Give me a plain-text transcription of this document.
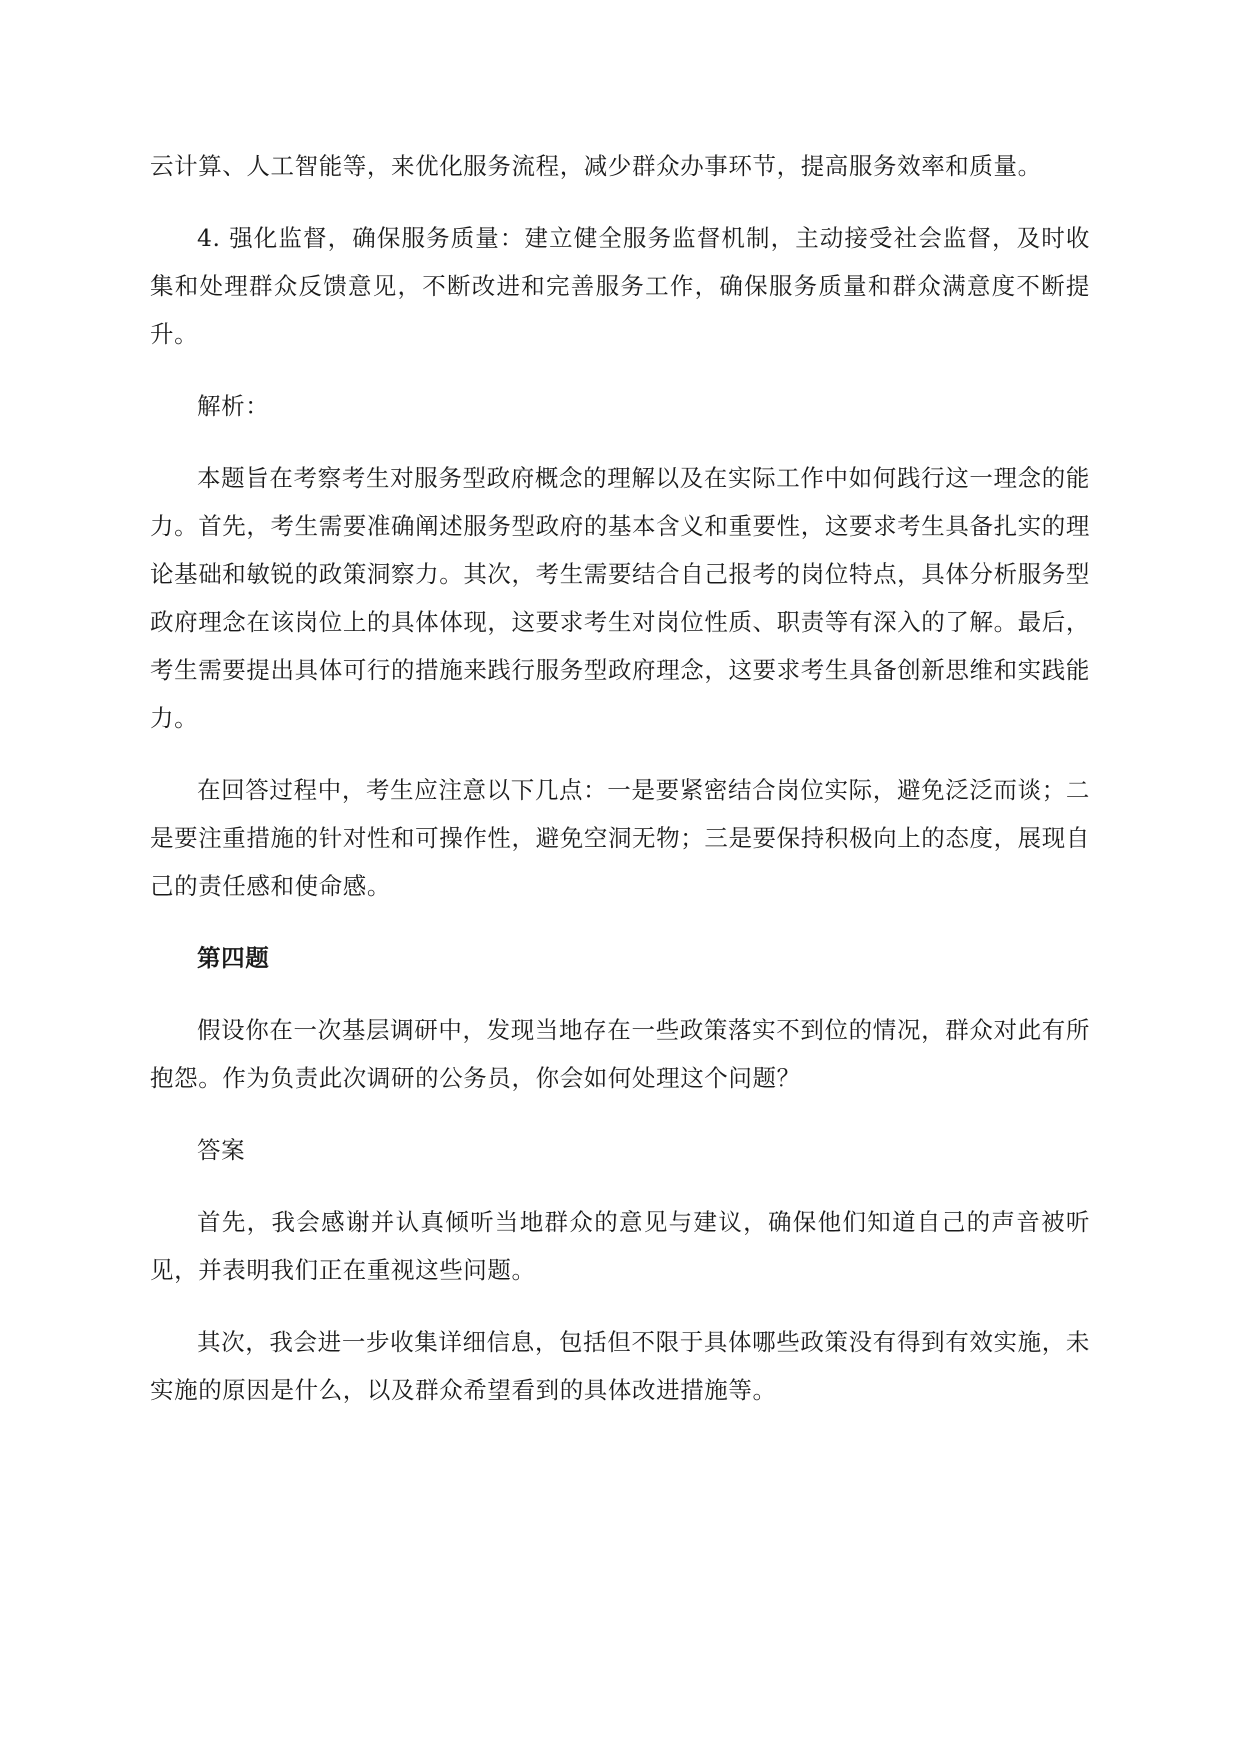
云计算、人工智能等，来优化服务流程，减少群众办事环节，提高服务效率和质量。

4. 强化监督，确保服务质量：建立健全服务监督机制，主动接受社会监督，及时收集和处理群众反馈意见，不断改进和完善服务工作，确保服务质量和群众满意度不断提升。

解析：

本题旨在考察考生对服务型政府概念的理解以及在实际工作中如何践行这一理念的能力。首先，考生需要准确阐述服务型政府的基本含义和重要性，这要求考生具备扎实的理论基础和敏锐的政策洞察力。其次，考生需要结合自己报考的岗位特点，具体分析服务型政府理念在该岗位上的具体体现，这要求考生对岗位性质、职责等有深入的了解。最后，考生需要提出具体可行的措施来践行服务型政府理念，这要求考生具备创新思维和实践能力。

在回答过程中，考生应注意以下几点：一是要紧密结合岗位实际，避免泛泛而谈；二是要注重措施的针对性和可操作性，避免空洞无物；三是要保持积极向上的态度，展现自己的责任感和使命感。

第四题

假设你在一次基层调研中，发现当地存在一些政策落实不到位的情况，群众对此有所抱怨。作为负责此次调研的公务员，你会如何处理这个问题？

答案

首先，我会感谢并认真倾听当地群众的意见与建议，确保他们知道自己的声音被听见，并表明我们正在重视这些问题。

其次，我会进一步收集详细信息，包括但不限于具体哪些政策没有得到有效实施，未实施的原因是什么，以及群众希望看到的具体改进措施等。
